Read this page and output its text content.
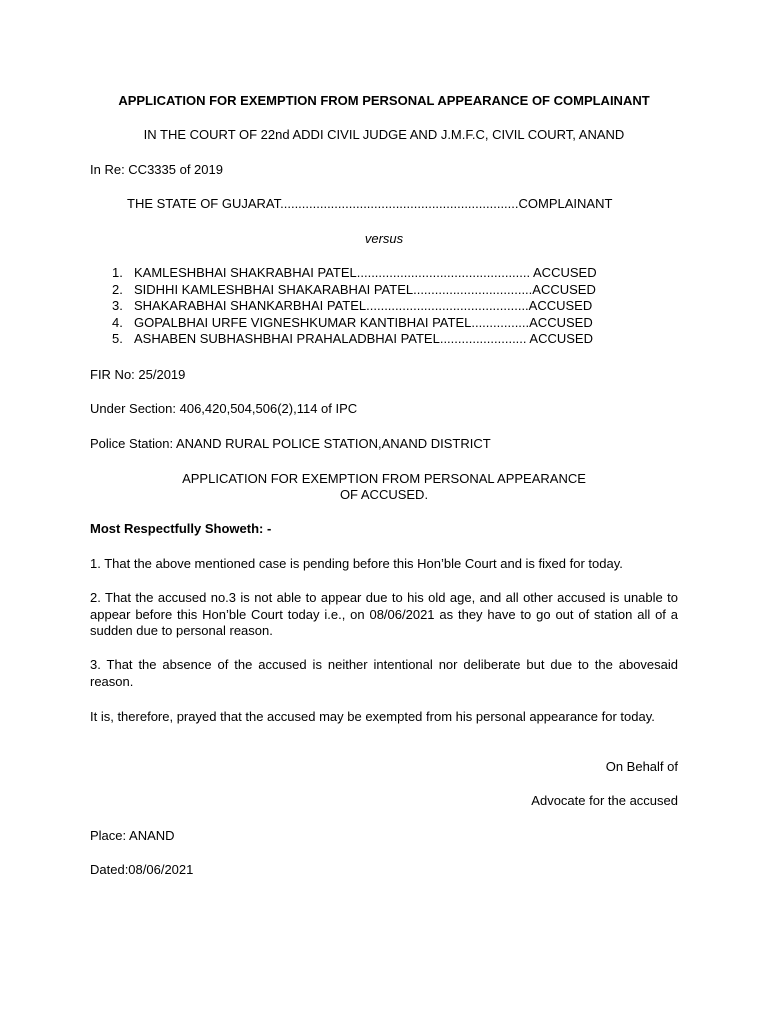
APPLICATION FOR EXEMPTION FROM PERSONAL APPEARANCE OF COMPLAINANT

IN THE COURT OF 22nd ADDI CIVIL JUDGE AND J.M.F.C, CIVIL COURT, ANAND

In Re: CC3335 of 2019

THE STATE OF GUJARAT..................................................................COMPLAINANT

versus

1. KAMLESHBHAI SHAKRABHAI PATEL................................................ ACCUSED
2. SIDHHI KAMLESHBHAI SHAKARABHAI PATEL.................................ACCUSED
3. SHAKARABHAI SHANKARBHAI PATEL.............................................ACCUSED
4. GOPALBHAI URFE VIGNESHKUMAR KANTIBHAI PATEL................ACCUSED
5. ASHABEN SUBHASHBHAI PRAHALADBHAI PATEL........................ ACCUSED

FIR No: 25/2019

Under Section: 406,420,504,506(2),114 of IPC

Police Station: ANAND RURAL POLICE STATION,ANAND DISTRICT

APPLICATION FOR EXEMPTION FROM PERSONAL APPEARANCE

OF ACCUSED.

Most Respectfully Showeth: -

1. That the above mentioned case is pending before this Hon’ble Court and is fixed for today.

2. That the accused no.3 is not able to appear due to his old age, and all other accused is unable to appear before this Hon’ble Court today i.e., on 08/06/2021 as they have to go out of station all of a sudden due to personal reason.

3. That the absence of the accused is neither intentional nor deliberate but due to the abovesaid reason.

It is, therefore, prayed that the accused may be exempted from his personal appearance for today.

On Behalf of

Advocate for the accused

Place: ANAND

Dated:08/06/2021
